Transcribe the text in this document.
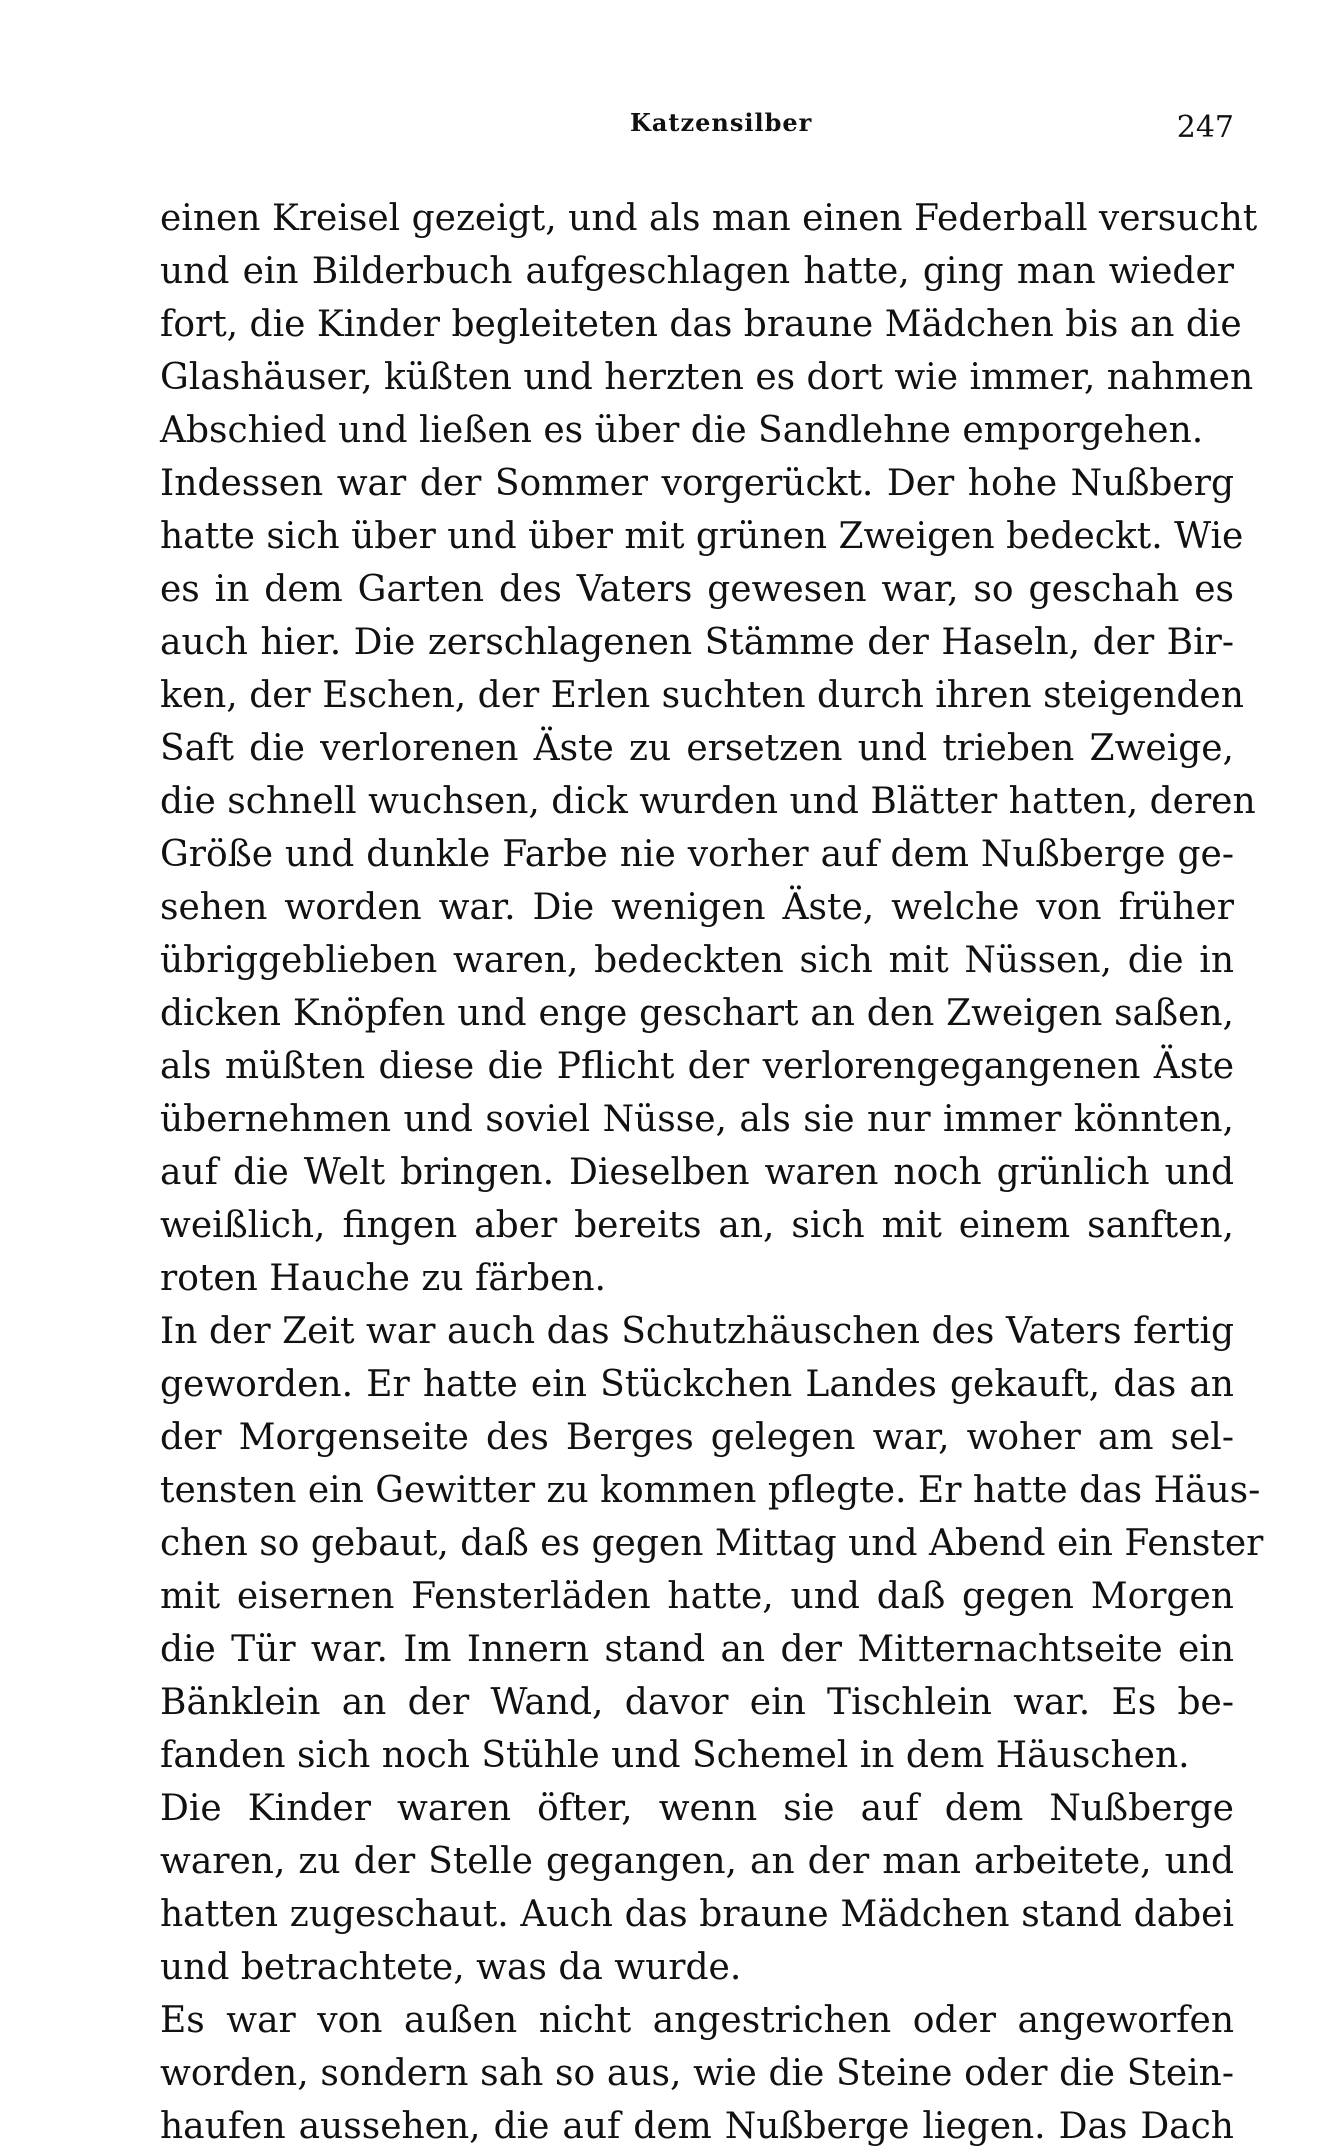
Katzensilber	247
einen Kreisel gezeigt, und als man einen Federball versucht
und ein Bilderbuch aufgeschlagen hatte, ging man wieder
fort, die Kinder begleiteten das braune Mädchen bis an die
Glashäuser, küßten und herzten es dort wie immer, nahmen
Abschied und ließen es über die Sandlehne emporgehen.
Indessen war der Sommer vorgerückt. Der hohe Nußberg
hatte sich über und über mit grünen Zweigen bedeckt. Wie
es in dem Garten des Vaters gewesen war, so geschah es
auch hier. Die zerschlagenen Stämme der Haseln, der Bir-
ken, der Eschen, der Erlen suchten durch ihren steigenden
Saft die verlorenen Äste zu ersetzen und trieben Zweige,
die schnell wuchsen, dick wurden und Blätter hatten, deren
Größe und dunkle Farbe nie vorher auf dem Nußberge ge-
sehen worden war. Die wenigen Äste, welche von früher
übriggeblieben waren, bedeckten sich mit Nüssen, die in
dicken Knöpfen und enge geschart an den Zweigen saßen,
als müßten diese die Pflicht der verlorengegangenen Äste
übernehmen und soviel Nüsse, als sie nur immer könnten,
auf die Welt bringen. Dieselben waren noch grünlich und
weißlich, fingen aber bereits an, sich mit einem sanften,
roten Hauche zu färben.
In der Zeit war auch das Schutzhäuschen des Vaters fertig
geworden. Er hatte ein Stückchen Landes gekauft, das an
der Morgenseite des Berges gelegen war, woher am sel-
tensten ein Gewitter zu kommen pflegte. Er hatte das Häus-
chen so gebaut, daß es gegen Mittag und Abend ein Fenster
mit eisernen Fensterläden hatte, und daß gegen Morgen
die Tür war. Im Innern stand an der Mitternachtseite ein
Bänklein an der Wand, davor ein Tischlein war. Es be-
fanden sich noch Stühle und Schemel in dem Häuschen.
Die Kinder waren öfter, wenn sie auf dem Nußberge
waren, zu der Stelle gegangen, an der man arbeitete, und
hatten zugeschaut. Auch das braune Mädchen stand dabei
und betrachtete, was da wurde.
Es war von außen nicht angestrichen oder angeworfen
worden, sondern sah so aus, wie die Steine oder die Stein-
haufen aussehen, die auf dem Nußberge liegen. Das Dach
